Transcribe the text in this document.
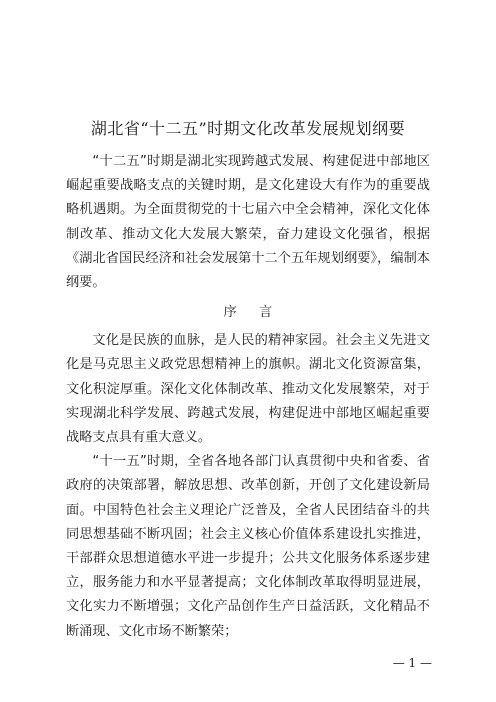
湖北省“十二五”时期文化改革发展规划纲要

“十二五”时期是湖北实现跨越式发展、构建促进中部地区崛起重要战略支点的关键时期，是文化建设大有作为的重要战略机遇期。为全面贯彻党的十七届六中全会精神，深化文化体制改革、推动文化大发展大繁荣，奋力建设文化强省，根据《湖北省国民经济和社会发展第十二个五年规划纲要》，编制本纲要。

序 言

文化是民族的血脉，是人民的精神家园。社会主义先进文化是马克思主义政党思想精神上的旗帜。湖北文化资源富集，文化积淀厚重。深化文化体制改革、推动文化发展繁荣，对于实现湖北科学发展、跨越式发展，构建促进中部地区崛起重要战略支点具有重大意义。

“十一五”时期，全省各地各部门认真贯彻中央和省委、省政府的决策部署，解放思想、改革创新，开创了文化建设新局面。中国特色社会主义理论广泛普及，全省人民团结奋斗的共同思想基础不断巩固；社会主义核心价值体系建设扎实推进，干部群众思想道德水平进一步提升；公共文化服务体系逐步建立，服务能力和水平显著提高；文化体制改革取得明显进展，文化实力不断增强；文化产品创作生产日益活跃，文化精品不断涌现、文化市场不断繁荣；

— 1 —
